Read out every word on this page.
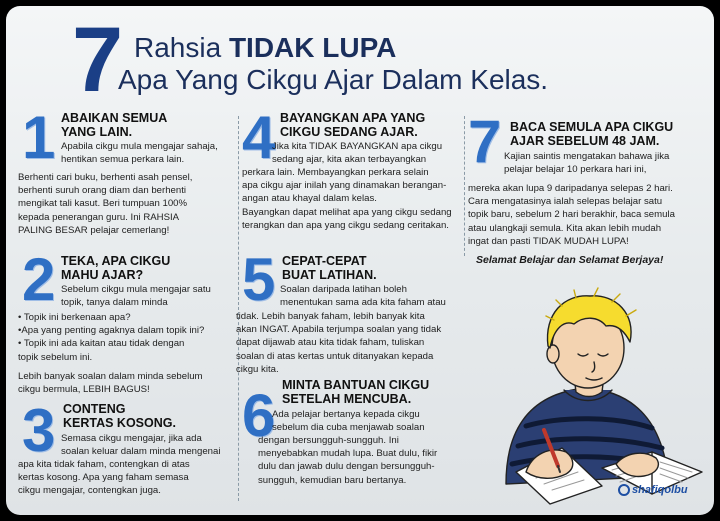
7 Rahsia TIDAK LUPA
Apa Yang Cikgu Ajar Dalam Kelas.
1 ABAIKAN SEMUA
YANG LAIN.

Apabila cikgu mula mengajar sahaja,

hentikan semua perkara lain.

Berhenti cari buku, berhenti asah pensel,

berhenti suruh orang diam dan berhenti

mengikat tali kasut. Beri tumpuan 100%

kepada penerangan guru. Ini RAHSIA

PALING BESAR pelajar cemerlang!

2 TEKA, APA CIKGU
MAHU AJAR?

Sebelum cikgu mula mengajar satu

topik, tanya dalam minda

• Topik ini berkenaan apa?

•Apa yang penting agaknya dalam topik ini?

• Topik ini ada kaitan atau tidak dengan

topik sebelum ini.

Lebih banyak soalan dalam minda sebelum

cikgu bermula, LEBIH BAGUS!

3 CONTENG
KERTAS KOSONG.

Semasa cikgu mengajar, jika ada

soalan keluar dalam minda mengenai

apa kita tidak faham, contengkan di atas

kertas kosong. Apa yang faham semasa

cikgu mengajar, contengkan juga.

4 BAYANGKAN APA YANG
CIKGU SEDANG AJAR.

Jika kita TIDAK BAYANGKAN apa cikgu

sedang ajar, kita akan terbayangkan

perkara lain. Membayangkan perkara selain

apa cikgu ajar inilah yang dinamakan berangan-

angan atau khayal dalam kelas.

Bayangkan dapat melihat apa yang cikgu sedang

terangkan dan apa yang cikgu sedang ceritakan.

5 CEPAT-CEPAT
BUAT LATIHAN.

Soalan daripada latihan boleh

menentukan sama ada kita faham atau

tidak. Lebih banyak faham, lebih banyak kita

akan INGAT. Apabila terjumpa soalan yang tidak

dapat dijawab atau kita tidak faham, tuliskan

soalan di atas kertas untuk ditanyakan kepada

cikgu kita.

6 MINTA BANTUAN CIKGU
SETELAH MENCUBA.

Ada pelajar bertanya kepada cikgu

sebelum dia cuba menjawab soalan

dengan bersungguh-sungguh. Ini

menyebabkan mudah lupa. Buat dulu, fikir

dulu dan jawab dulu dengan bersungguh-

sungguh, kemudian baru bertanya.

7 BACA SEMULA APA CIKGU
AJAR SEBELUM 48 JAM.

Kajian saintis mengatakan bahawa jika

pelajar belajar 10 perkara hari ini,

mereka akan lupa 9 daripadanya selepas 2 hari.

Cara mengatasinya ialah selepas belajar satu

topik baru, sebelum 2 hari berakhir, baca semula

atau ulangkaji semula. Kita akan lebih mudah

ingat dan pasti TIDAK MUDAH LUPA!

Selamat Belajar dan Selamat Berjaya!
shafiqolbu
